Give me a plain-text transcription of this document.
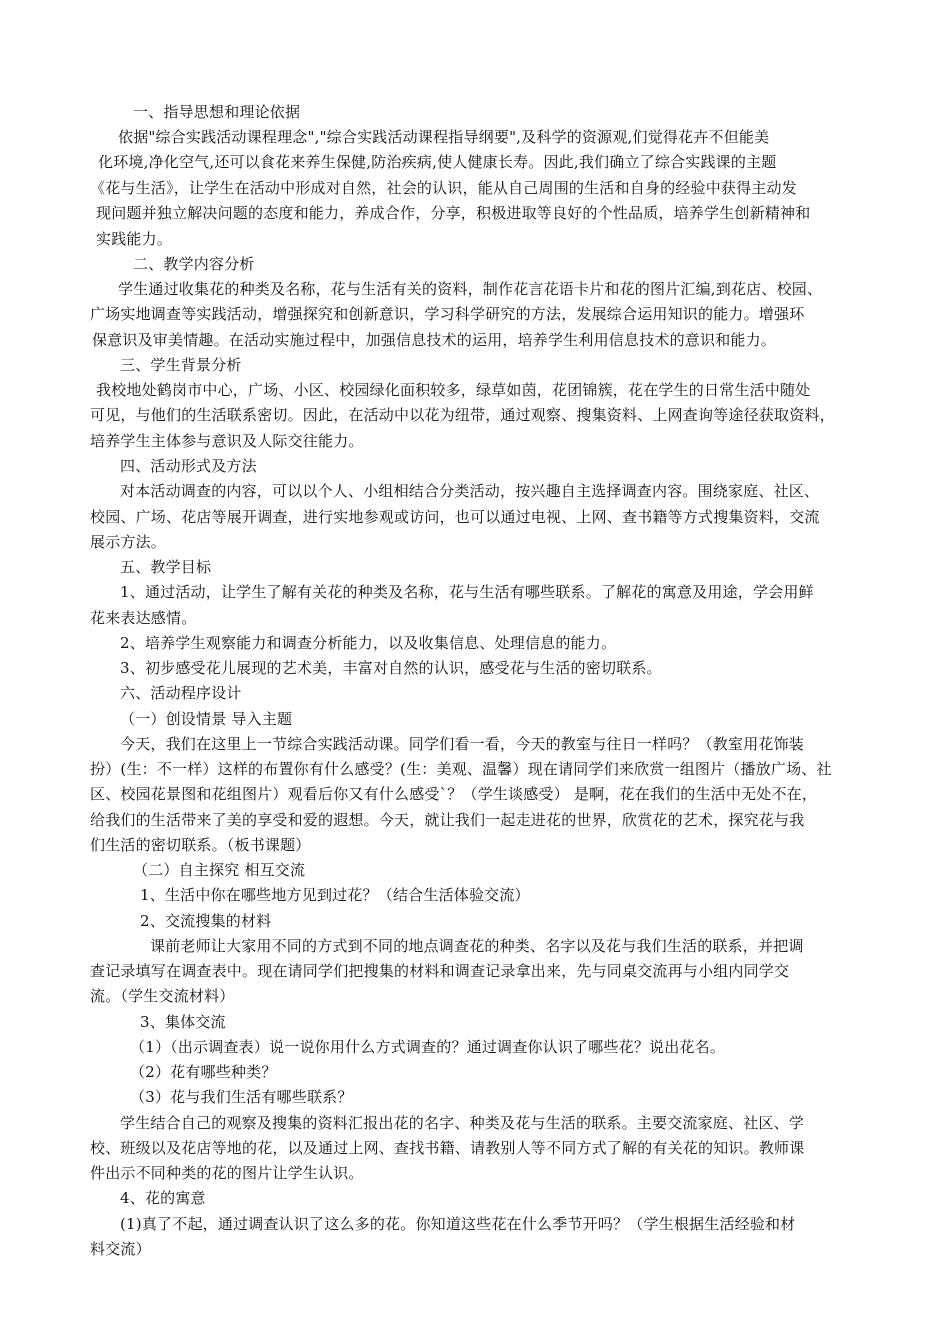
一、指导思想和理论依据
依据"综合实践活动课程理念","综合实践活动课程指导纲要",及科学的资源观,们觉得花卉不但能美
化环境,净化空气,还可以食花来养生保健,防治疾病,使人健康长寿。因此,我们确立了综合实践课的主题
《花与生活》，让学生在活动中形成对自然，社会的认识，能从自己周围的生活和自身的经验中获得主动发
现问题并独立解决问题的态度和能力，养成合作，分享，积极进取等良好的个性品质，培养学生创新精神和
实践能力。
二、教学内容分析
学生通过收集花的种类及名称，花与生活有关的资料，制作花言花语卡片和花的图片汇编,到花店、校园、
广场实地调查等实践活动，增强探究和创新意识，学习科学研究的方法，发展综合运用知识的能力。增强环
保意识及审美情趣。在活动实施过程中，加强信息技术的运用，培养学生利用信息技术的意识和能力。
三、学生背景分析
我校地处鹤岗市中心，广场、小区、校园绿化面积较多，绿草如茵，花团锦簇，花在学生的日常生活中随处
可见，与他们的生活联系密切。因此，在活动中以花为纽带，通过观察、搜集资料、上网查询等途径获取资料，
培养学生主体参与意识及人际交往能力。
四、活动形式及方法
对本活动调查的内容，可以以个人、小组相结合分类活动，按兴趣自主选择调查内容。围绕家庭、社区、
校园、广场、花店等展开调查，进行实地参观或访问，也可以通过电视、上网、查书籍等方式搜集资料，交流
展示方法。
五、教学目标
1、通过活动，让学生了解有关花的种类及名称，花与生活有哪些联系。了解花的寓意及用途，学会用鲜
花来表达感情。
2、培养学生观察能力和调查分析能力，以及收集信息、处理信息的能力。
3、初步感受花儿展现的艺术美，丰富对自然的认识，感受花与生活的密切联系。
六、活动程序设计
（一）创设情景 导入主题
今天，我们在这里上一节综合实践活动课。同学们看一看，今天的教室与往日一样吗？（教室用花饰装
扮）(生：不一样）这样的布置你有什么感受？(生：美观、温馨）现在请同学们来欣赏一组图片（播放广场、社
区、校园花景图和花组图片）观看后你又有什么感受`？（学生谈感受） 是啊，花在我们的生活中无处不在，
给我们的生活带来了美的享受和爱的遐想。今天，就让我们一起走进花的世界，欣赏花的艺术，探究花与我
们生活的密切联系。（板书课题）
（二）自主探究 相互交流
1、生活中你在哪些地方见到过花？（结合生活体验交流）
2、交流搜集的材料
课前老师让大家用不同的方式到不同的地点调查花的种类、名字以及花与我们生活的联系，并把调
查记录填写在调查表中。现在请同学们把搜集的材料和调查记录拿出来，先与同桌交流再与小组内同学交
流。（学生交流材料）
3、集体交流
（1）（出示调查表）说一说你用什么方式调查的？通过调查你认识了哪些花？说出花名。
（2）花有哪些种类？
（3）花与我们生活有哪些联系？
学生结合自己的观察及搜集的资料汇报出花的名字、种类及花与生活的联系。主要交流家庭、社区、学
校、班级以及花店等地的花，以及通过上网、查找书籍、请教别人等不同方式了解的有关花的知识。教师课
件出示不同种类的花的图片让学生认识。
4、花的寓意
(1)真了不起，通过调查认识了这么多的花。你知道这些花在什么季节开吗？（学生根据生活经验和材
料交流）
